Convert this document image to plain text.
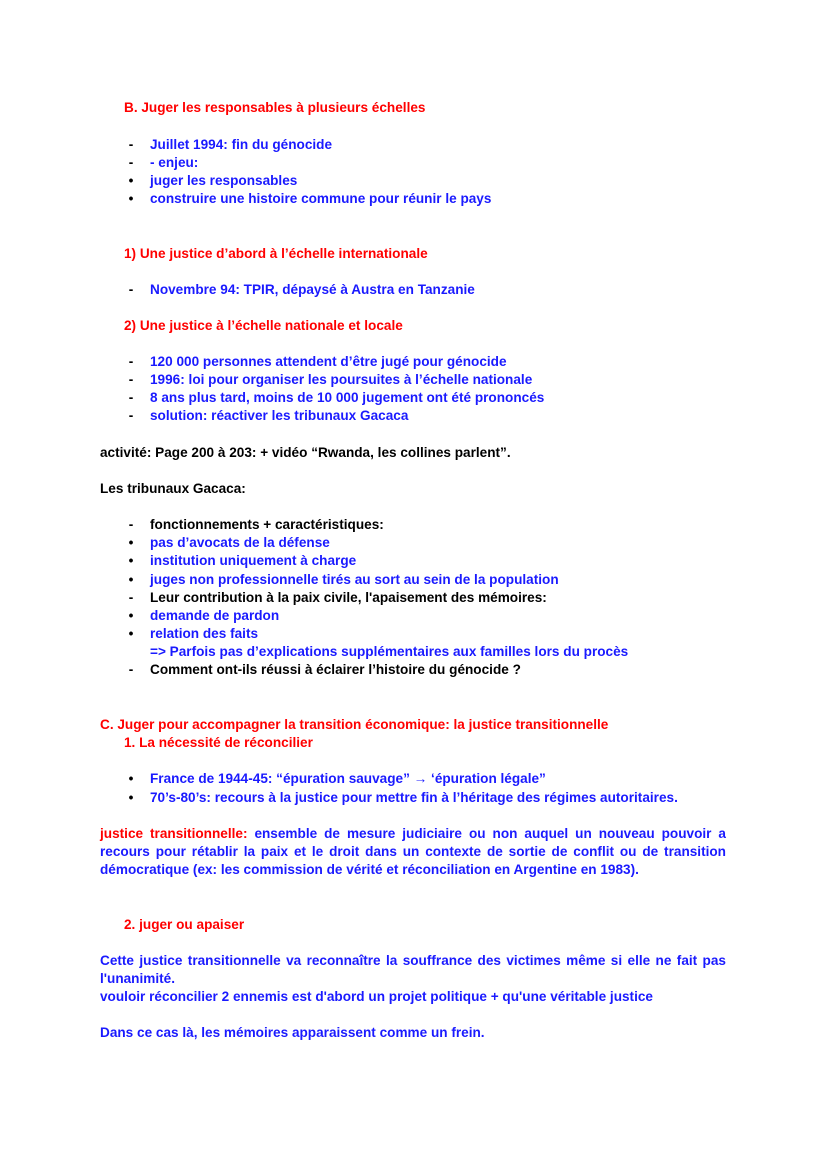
B. Juger les responsables à plusieurs échelles
-	Juillet 1994: fin du génocide
-	- enjeu:
•	juger les responsables
•	construire une histoire commune pour réunir le pays
1) Une justice d’abord à l’échelle internationale
-	Novembre 94: TPIR, dépaysé à Austra en Tanzanie
2) Une justice à l’échelle nationale et locale
-	120 000 personnes attendent d’être jugé pour génocide
-	1996: loi pour organiser les poursuites à l’échelle nationale
-	8 ans plus tard, moins de 10 000 jugement ont été prononcés
-	solution: réactiver les tribunaux Gacaca
activité: Page 200 à 203: + vidéo “Rwanda, les collines parlent”.
Les tribunaux Gacaca:
-	fonctionnements + caractéristiques:
•	pas d’avocats de la défense
•	institution uniquement à charge
•	juges non professionnelle tirés au sort au sein de la population
-	Leur contribution à la paix civile, l'apaisement des mémoires:
•	demande de pardon
•	relation des faits
=> Parfois pas d’explications supplémentaires aux familles lors du procès
-	Comment ont-ils réussi à éclairer l’histoire du génocide ?
C. Juger pour accompagner la transition économique: la justice transitionnelle
1. La nécessité de réconcilier
•	France de 1944-45: “épuration sauvage” → ‘épuration légale”
•	70’s-80’s: recours à la justice pour mettre fin à l’héritage des régimes autoritaires.
justice transitionnelle: ensemble de mesure judiciaire ou non auquel un nouveau pouvoir a recours pour rétablir la paix et le droit dans un contexte de sortie de conflit ou de transition démocratique (ex: les commission de vérité et réconciliation en Argentine en 1983).
2. juger ou apaiser
Cette justice transitionnelle va reconnaître la souffrance des victimes même si elle ne fait pas l'unanimité.
vouloir réconcilier 2 ennemis est d'abord un projet politique + qu'une véritable justice
Dans ce cas là, les mémoires apparaissent comme un frein.
